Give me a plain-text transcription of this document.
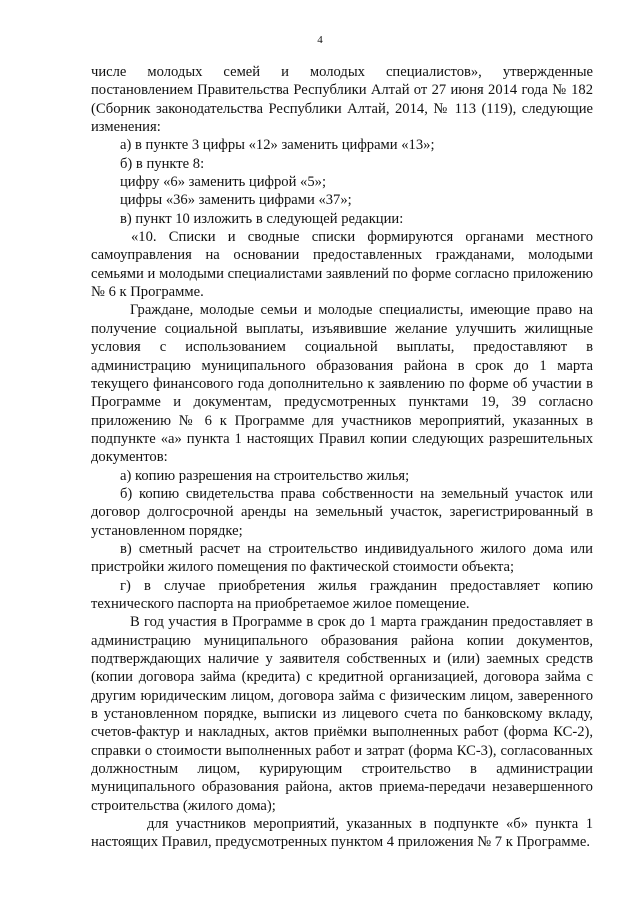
4

числе молодых семей и молодых специалистов», утвержденные постановлением Правительства Республики Алтай от 27 июня 2014 года № 182 (Сборник законодательства Республики Алтай, 2014, № 113 (119), следующие изменения:

а) в пункте 3 цифры «12» заменить цифрами «13»;

б) в пункте 8:

цифру «6» заменить цифрой «5»;

цифры «36» заменить цифрами «37»;

в) пункт 10 изложить в следующей редакции:

«10. Списки и сводные списки формируются органами местного самоуправления на основании предоставленных гражданами, молодыми семьями и молодыми специалистами заявлений по форме согласно приложению № 6 к Программе.

Граждане, молодые семьи и молодые специалисты, имеющие право на получение социальной выплаты, изъявившие желание улучшить жилищные условия с использованием социальной выплаты, предоставляют в администрацию муниципального образования района в срок до 1 марта текущего финансового года дополнительно к заявлению по форме об участии в Программе и документам, предусмотренных пунктами 19, 39 согласно приложению № 6 к Программе для участников мероприятий, указанных в подпункте «а» пункта 1 настоящих Правил копии следующих разрешительных документов:

а) копию разрешения на строительство жилья;

б) копию свидетельства права собственности на земельный участок или договор долгосрочной аренды на земельный участок, зарегистрированный в установленном порядке;

в) сметный расчет на строительство индивидуального жилого дома или пристройки жилого помещения по фактической стоимости объекта;

г) в случае приобретения жилья гражданин предоставляет копию технического паспорта на приобретаемое жилое помещение.

В год участия в Программе в срок до 1 марта гражданин предоставляет в администрацию муниципального образования района копии документов, подтверждающих наличие у заявителя собственных и (или) заемных средств (копии договора займа (кредита) с кредитной организацией, договора займа с другим юридическим лицом, договора займа с физическим лицом, заверенного в установленном порядке, выписки из лицевого счета по банковскому вкладу, счетов-фактур и накладных, актов приёмки выполненных работ (форма КС-2), справки о стоимости выполненных работ и затрат (форма КС-3), согласованных должностным лицом, курирующим строительство в администрации муниципального образования района, актов приема-передачи незавершенного строительства (жилого дома);

для участников мероприятий, указанных в подпункте «б» пункта 1 настоящих Правил, предусмотренных пунктом 4 приложения № 7 к Программе.
